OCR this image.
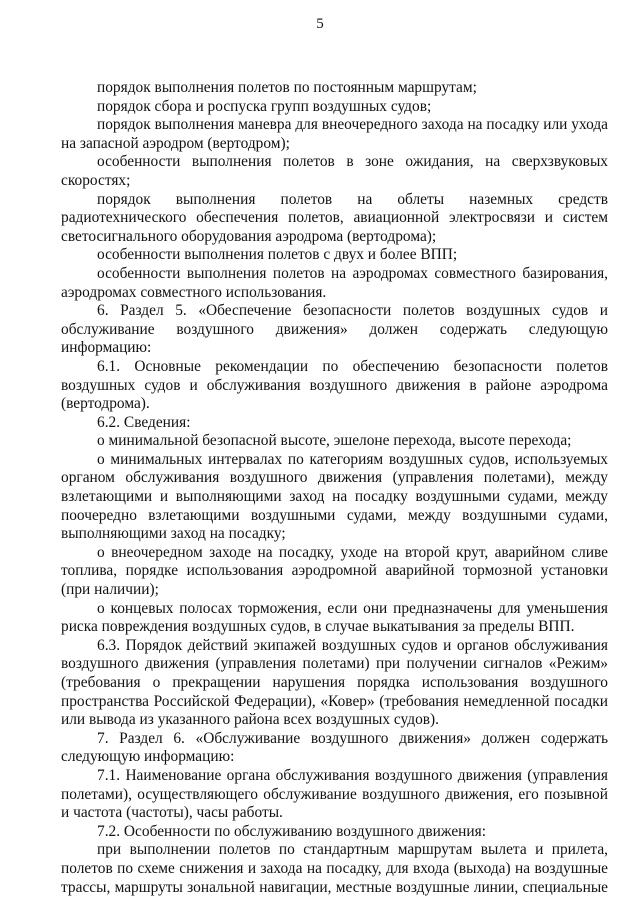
5

порядок выполнения полетов по постоянным маршрутам;

порядок сбора и роспуска групп воздушных судов;

порядок выполнения маневра для внеочередного захода на посадку или ухода на запасной аэродром (вертодром);

особенности выполнения полетов в зоне ожидания, на сверхзвуковых скоростях;

порядок выполнения полетов на облеты наземных средств радиотехнического обеспечения полетов, авиационной электросвязи и систем светосигнального оборудования аэродрома (вертодрома);

особенности выполнения полетов с двух и более ВПП;

особенности выполнения полетов на аэродромах совместного базирования, аэродромах совместного использования.

6. Раздел 5. «Обеспечение безопасности полетов воздушных судов и обслуживание воздушного движения» должен содержать следующую информацию:

6.1. Основные рекомендации по обеспечению безопасности полетов воздушных судов и обслуживания воздушного движения в районе аэродрома (вертодрома).

6.2. Сведения:

о минимальной безопасной высоте, эшелоне перехода, высоте перехода;

о минимальных интервалах по категориям воздушных судов, используемых органом обслуживания воздушного движения (управления полетами), между взлетающими и выполняющими заход на посадку воздушными судами, между поочередно взлетающими воздушными судами, между воздушными судами, выполняющими заход на посадку;

о внеочередном заходе на посадку, уходе на второй крут, аварийном сливе топлива, порядке использования аэродромной аварийной тормозной установки (при наличии);

о концевых полосах торможения, если они предназначены для уменьшения риска повреждения воздушных судов, в случае выкатывания за пределы ВПП.

6.3. Порядок действий экипажей воздушных судов и органов обслуживания воздушного движения (управления полетами) при получении сигналов «Режим» (требования о прекращении нарушения порядка использования воздушного пространства Российской Федерации), «Ковер» (требования немедленной посадки или вывода из указанного района всех воздушных судов).

7. Раздел 6. «Обслуживание воздушного движения» должен содержать следующую информацию:

7.1. Наименование органа обслуживания воздушного движения (управления полетами), осуществляющего обслуживание воздушного движения, его позывной и частота (частоты), часы работы.

7.2. Особенности по обслуживанию воздушного движения:

при выполнении полетов по стандартным маршрутам вылета и прилета, полетов по схеме снижения и захода на посадку, для входа (выхода) на воздушные трассы, маршруты зональной навигации, местные воздушные линии, специальные
